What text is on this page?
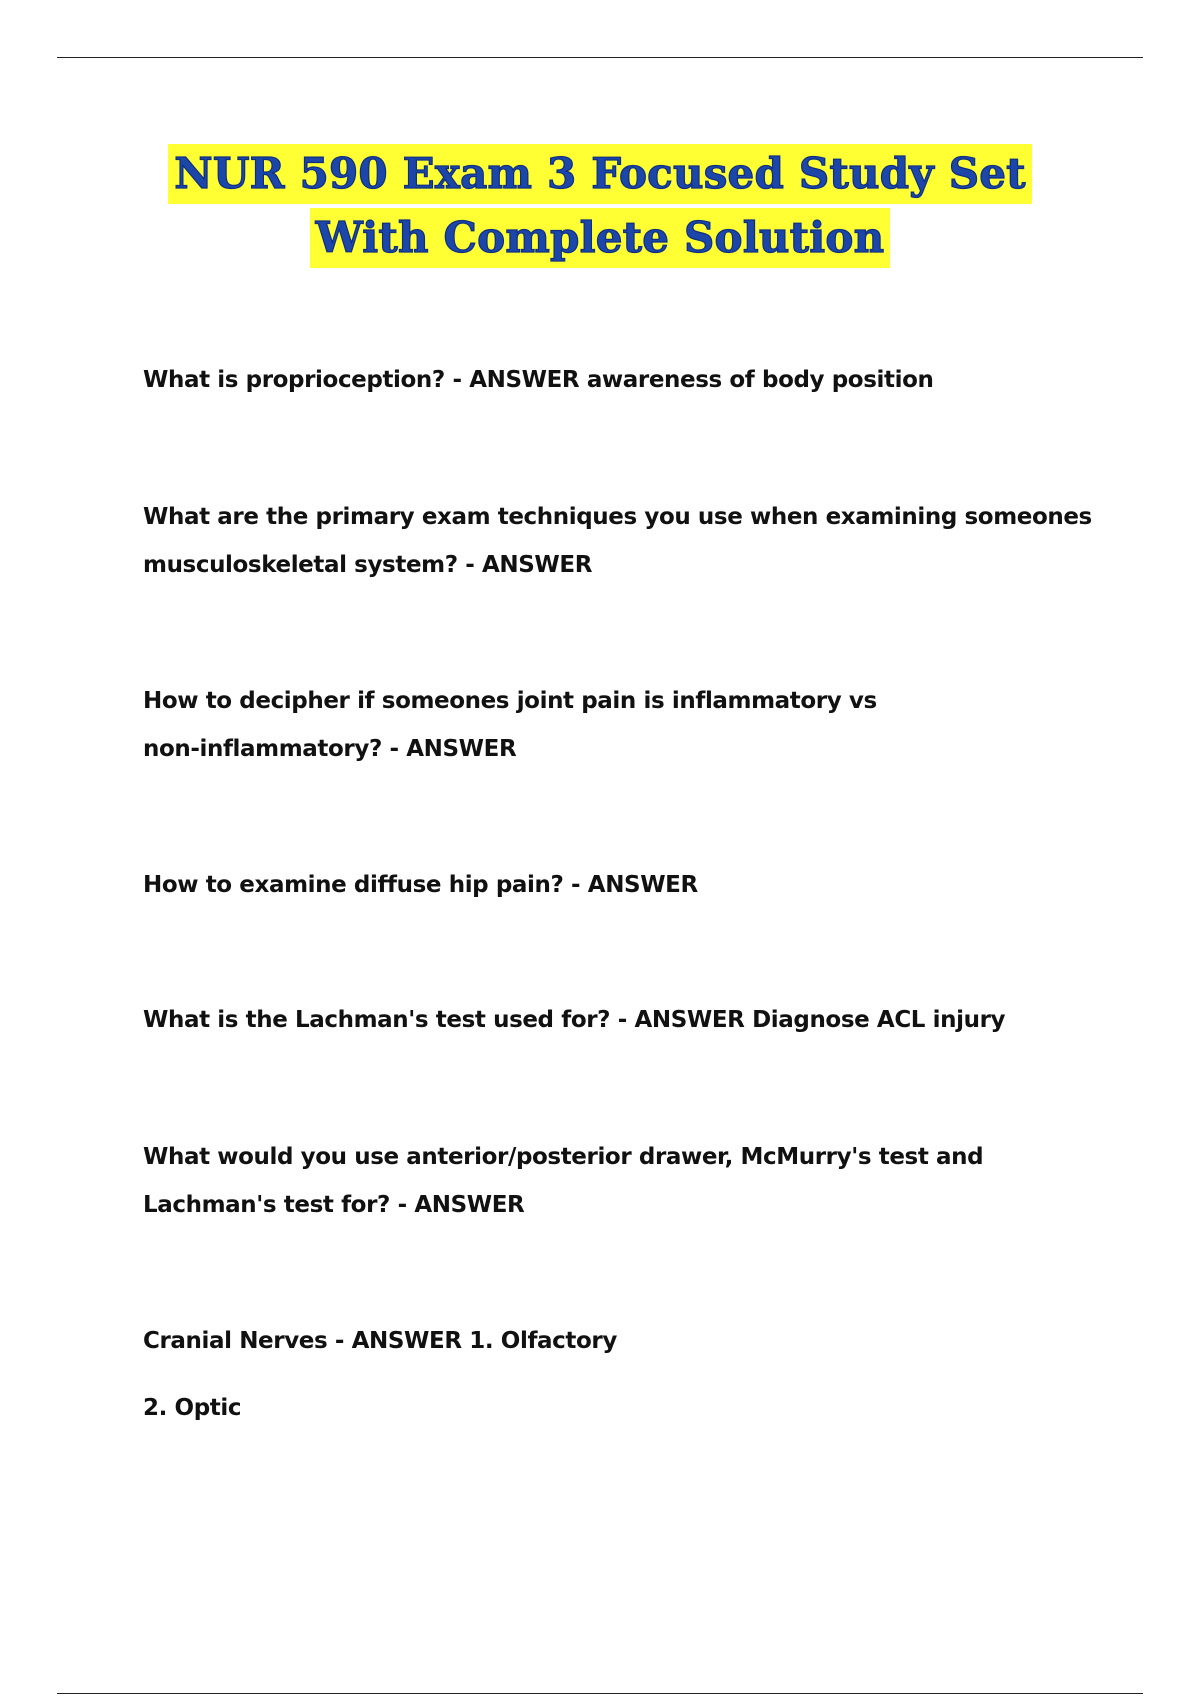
NUR 590 Exam 3 Focused Study Set
With Complete Solution
What is proprioception? - ANSWER awareness of body position
What are the primary exam techniques you use when examining someones
musculoskeletal system? - ANSWER
How to decipher if someones joint pain is inflammatory vs
non-inflammatory? - ANSWER
How to examine diffuse hip pain? - ANSWER
What is the Lachman's test used for? - ANSWER Diagnose ACL injury
What would you use anterior/posterior drawer, McMurry's test and
Lachman's test for? - ANSWER
Cranial Nerves - ANSWER 1. Olfactory
2. Optic
